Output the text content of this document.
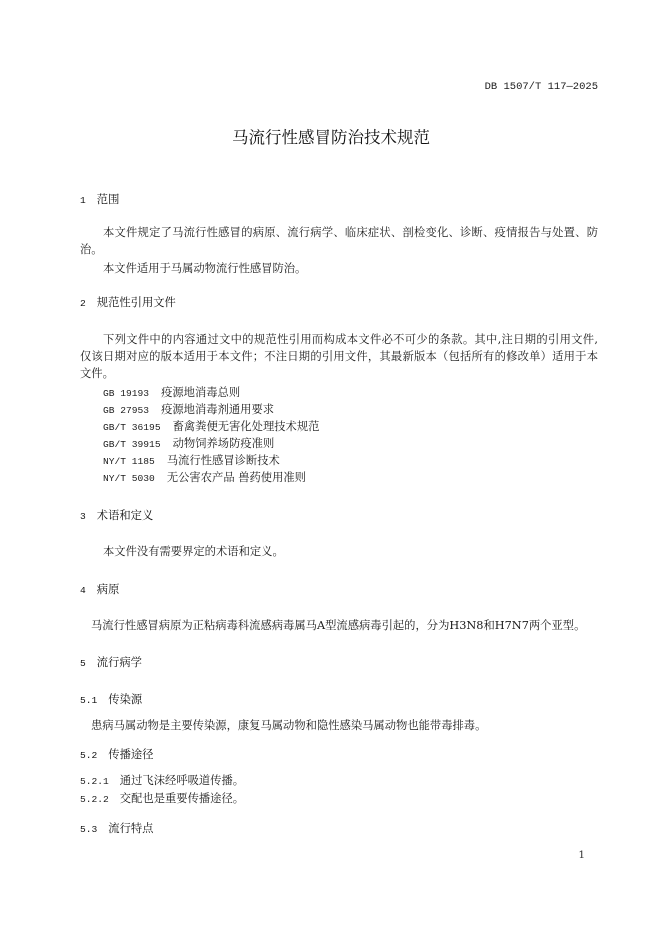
DB 1507/T 117—2025
马流行性感冒防治技术规范
1 范围
本文件规定了马流行性感冒的病原、流行病学、临床症状、剖检变化、诊断、疫情报告与处置、防
治。
本文件适用于马属动物流行性感冒防治。
2 规范性引用文件
下列文件中的内容通过文中的规范性引用而构成本文件必不可少的条款。其中,注日期的引用文件,
仅该日期对应的版本适用于本文件；不注日期的引用文件，其最新版本（包括所有的修改单）适用于本
文件。
GB 19193 疫源地消毒总则
GB 27953 疫源地消毒剂通用要求
GB/T 36195 畜禽粪便无害化处理技术规范
GB/T 39915 动物饲养场防疫准则
NY/T 1185 马流行性感冒诊断技术
NY/T 5030 无公害农产品 兽药使用准则
3 术语和定义
本文件没有需要界定的术语和定义。
4 病原
马流行性感冒病原为正粘病毒科流感病毒属马A型流感病毒引起的，分为H3N8和H7N7两个亚型。
5 流行病学
5.1 传染源
患病马属动物是主要传染源，康复马属动物和隐性感染马属动物也能带毒排毒。
5.2 传播途径
5.2.1 通过飞沫经呼吸道传播。
5.2.2 交配也是重要传播途径。
5.3 流行特点
1
